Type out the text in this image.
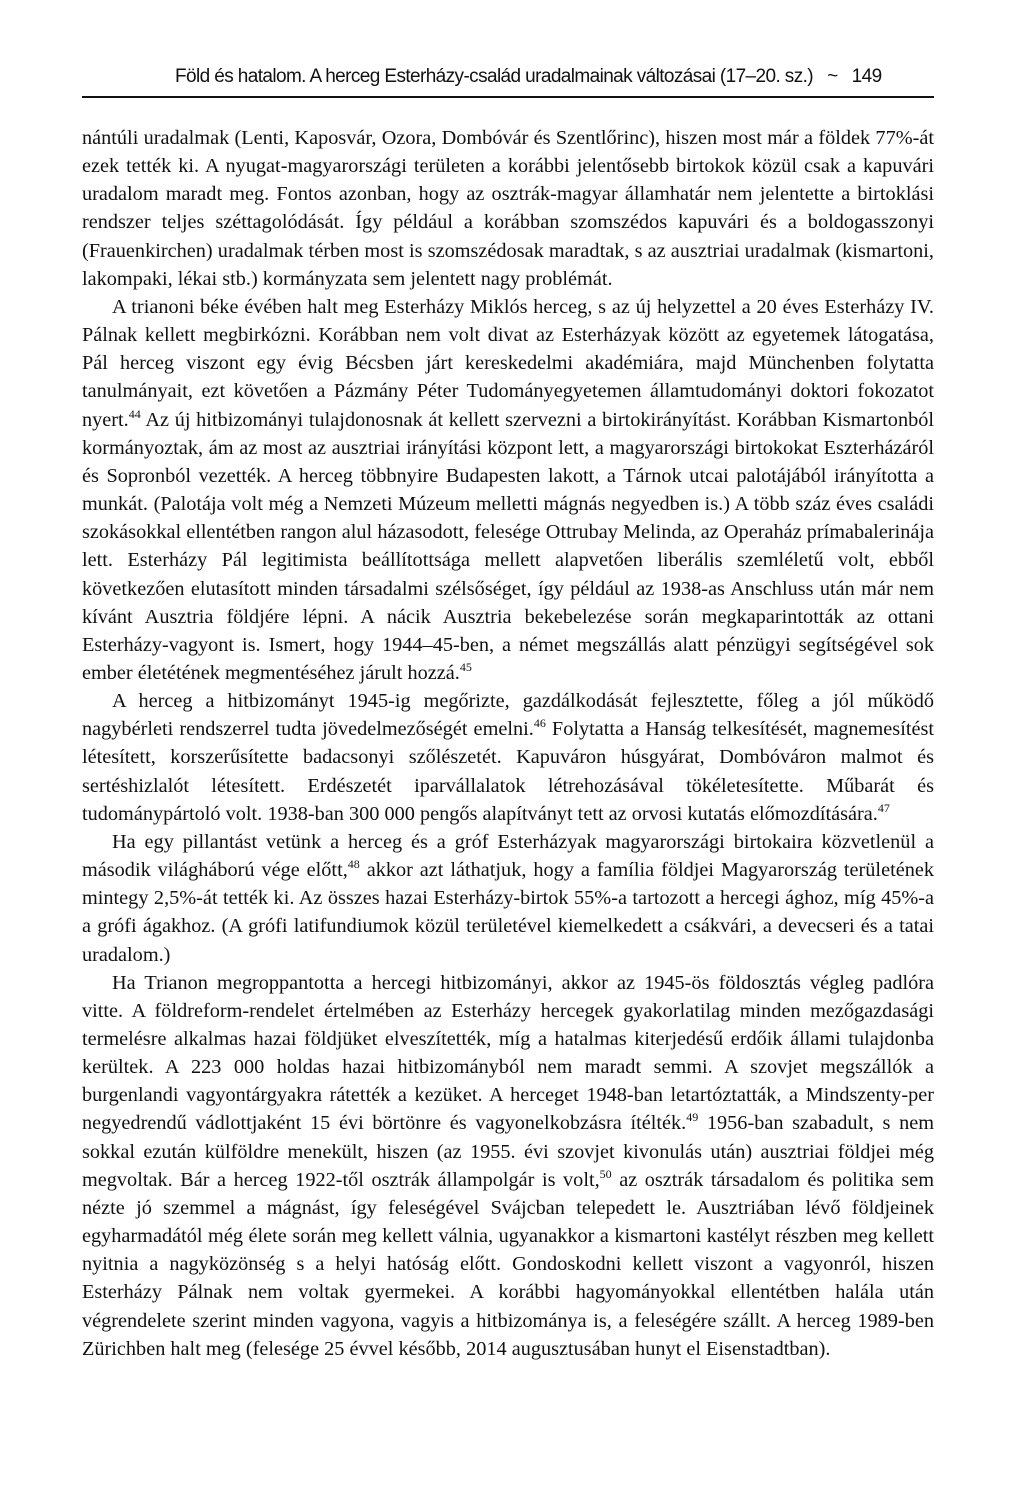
Föld és hatalom. A herceg Esterházy-család uradalmainak változásai (17–20. sz.) ~ 149

nántúli uradalmak (Lenti, Kaposvár, Ozora, Dombóvár és Szentlőrinc), hiszen most már a földek 77%-át ezek tették ki. A nyugat-magyarországi területen a korábbi jelentősebb birtokok közül csak a kapuvári uradalom maradt meg. Fontos azonban, hogy az osztrák-magyar államhatár nem jelentette a birtoklási rendszer teljes széttagolódását. Így például a korábban szomszédos kapuvári és a boldogasszonyi (Frauenkirchen) uradalmak térben most is szomszédosak maradtak, s az ausztriai uradalmak (kismartoni, lakompaki, lékai stb.) kormányzata sem jelentett nagy problémát.

A trianoni béke évében halt meg Esterházy Miklós herceg, s az új helyzettel a 20 éves Esterházy IV. Pálnak kellett megbirkózni. Korábban nem volt divat az Esterházyak között az egyetemek látogatása, Pál herceg viszont egy évig Bécsben járt kereskedelmi akadémiára, majd Münchenben folytatta tanulmányait, ezt követően a Pázmány Péter Tudományegyetemen államtudományi doktori fokozatot nyert.$^{44}$ Az új hitbizományi tulajdonosnak át kellett szervezni a birtokirányítást. Korábban Kismartonból kormányoztak, ám az most az ausztriai irányítási központ lett, a magyarországi birtokokat Eszterházáról és Sopronból vezették. A herceg többnyire Budapesten lakott, a Tárnok utcai palotájából irányította a munkát. (Palotája volt még a Nemzeti Múzeum melletti mágnás negyedben is.) A több száz éves családi szokásokkal ellentétben rangon alul házasodott, felesége Ottrubay Melinda, az Operaház prímabalerinája lett. Esterházy Pál legitimista beállítottsága mellett alapvetően liberális szemléletű volt, ebből következően elutasított minden társadalmi szélsőséget, így például az 1938-as Anschluss után már nem kívánt Ausztria földjére lépni. A nácik Ausztria bekebelezése során megkaparintották az ottani Esterházy-vagyont is. Ismert, hogy 1944–45-ben, a német megszállás alatt pénzügyi segítségével sok ember életétének megmentéséhez járult hozzá.$^{45}$

A herceg a hitbizományt 1945-ig megőrizte, gazdálkodását fejlesztette, főleg a jól működő nagybérleti rendszerrel tudta jövedelmezőségét emelni.$^{46}$ Folytatta a Hanság telkesítését, magnemesítést létesített, korszerűsítette badacsonyi szőlészetét. Kapuváron húsgyárat, Dombóváron malmot és sertéshizlalót létesített. Erdészetét iparvállalatok létrehozásával tökéletesítette. Műbarát és tudománypártoló volt. 1938-ban 300 000 pengős alapítványt tett az orvosi kutatás előmozdítására.$^{47}$

Ha egy pillantást vetünk a herceg és a gróf Esterházyak magyarországi birtokaira közvetlenül a második világháború vége előtt,$^{48}$ akkor azt láthatjuk, hogy a família földjei Magyarország területének mintegy 2,5%-át tették ki. Az összes hazai Esterházy-birtok 55%-a tartozott a hercegi ághoz, míg 45%-a a grófi ágakhoz. (A grófi latifundiumok közül területével kiemelkedett a csákvári, a devecseri és a tatai uradalom.)

Ha Trianon megroppantotta a hercegi hitbizományi, akkor az 1945-ös földosztás végleg padlóra vitte. A földreform-rendelet értelmében az Esterházy hercegek gyakorlatilag minden mezőgazdasági termelésre alkalmas hazai földjüket elveszítették, míg a hatalmas kiterjedésű erdőik állami tulajdonba kerültek. A 223 000 holdas hazai hitbizományból nem maradt semmi. A szovjet megszállók a burgenlandi vagyontárgyakra rátették a kezüket. A herceget 1948-ban letartóztatták, a Mindszenty-per negyedrendű vádlottjaként 15 évi börtönre és vagyonelkobzásra ítélték.$^{49}$ 1956-ban szabadult, s nem sokkal ezután külföldre menekült, hiszen (az 1955. évi szovjet kivonulás után) ausztriai földjei még megvoltak. Bár a herceg 1922-től osztrák állampolgár is volt,$^{50}$ az osztrák társadalom és politika sem nézte jó szemmel a mágnást, így feleségével Svájcban telepedett le. Ausztriában lévő földjeinek egyharmadától még élete során meg kellett válnia, ugyanakkor a kismartoni kastélyt részben meg kellett nyitnia a nagyközönség s a helyi hatóság előtt. Gondoskodni kellett viszont a vagyonról, hiszen Esterházy Pálnak nem voltak gyermekei. A korábbi hagyományokkal ellentétben halála után végrendelete szerint minden vagyona, vagyis a hitbizománya is, a feleségére szállt. A herceg 1989-ben Zürichben halt meg (felesége 25 évvel később, 2014 augusztusában hunyt el Eisenstadtban).
